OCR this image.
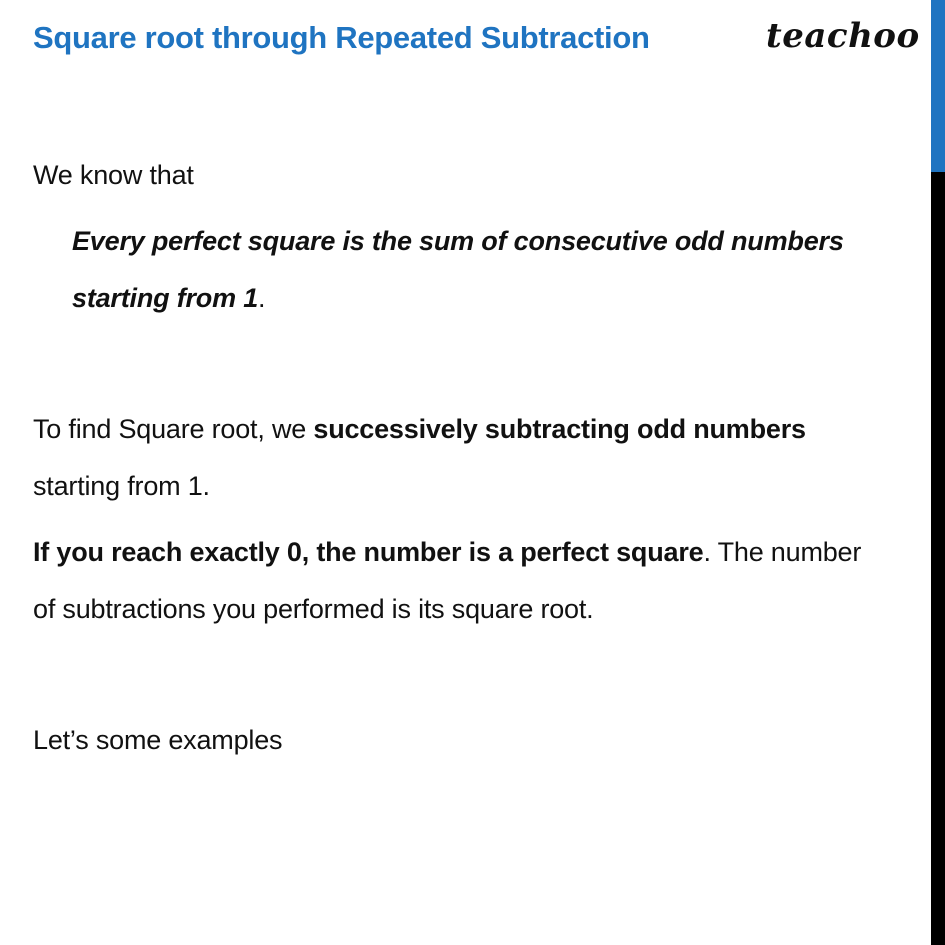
Square root through Repeated Subtraction	teachoo

We know that

Every perfect square is the sum of consecutive odd numbers

starting from 1.

To find Square root, we successively subtracting odd numbers

starting from 1.

If you reach exactly 0, the number is a perfect square. The number

of subtractions you performed is its square root.

Let’s some examples
